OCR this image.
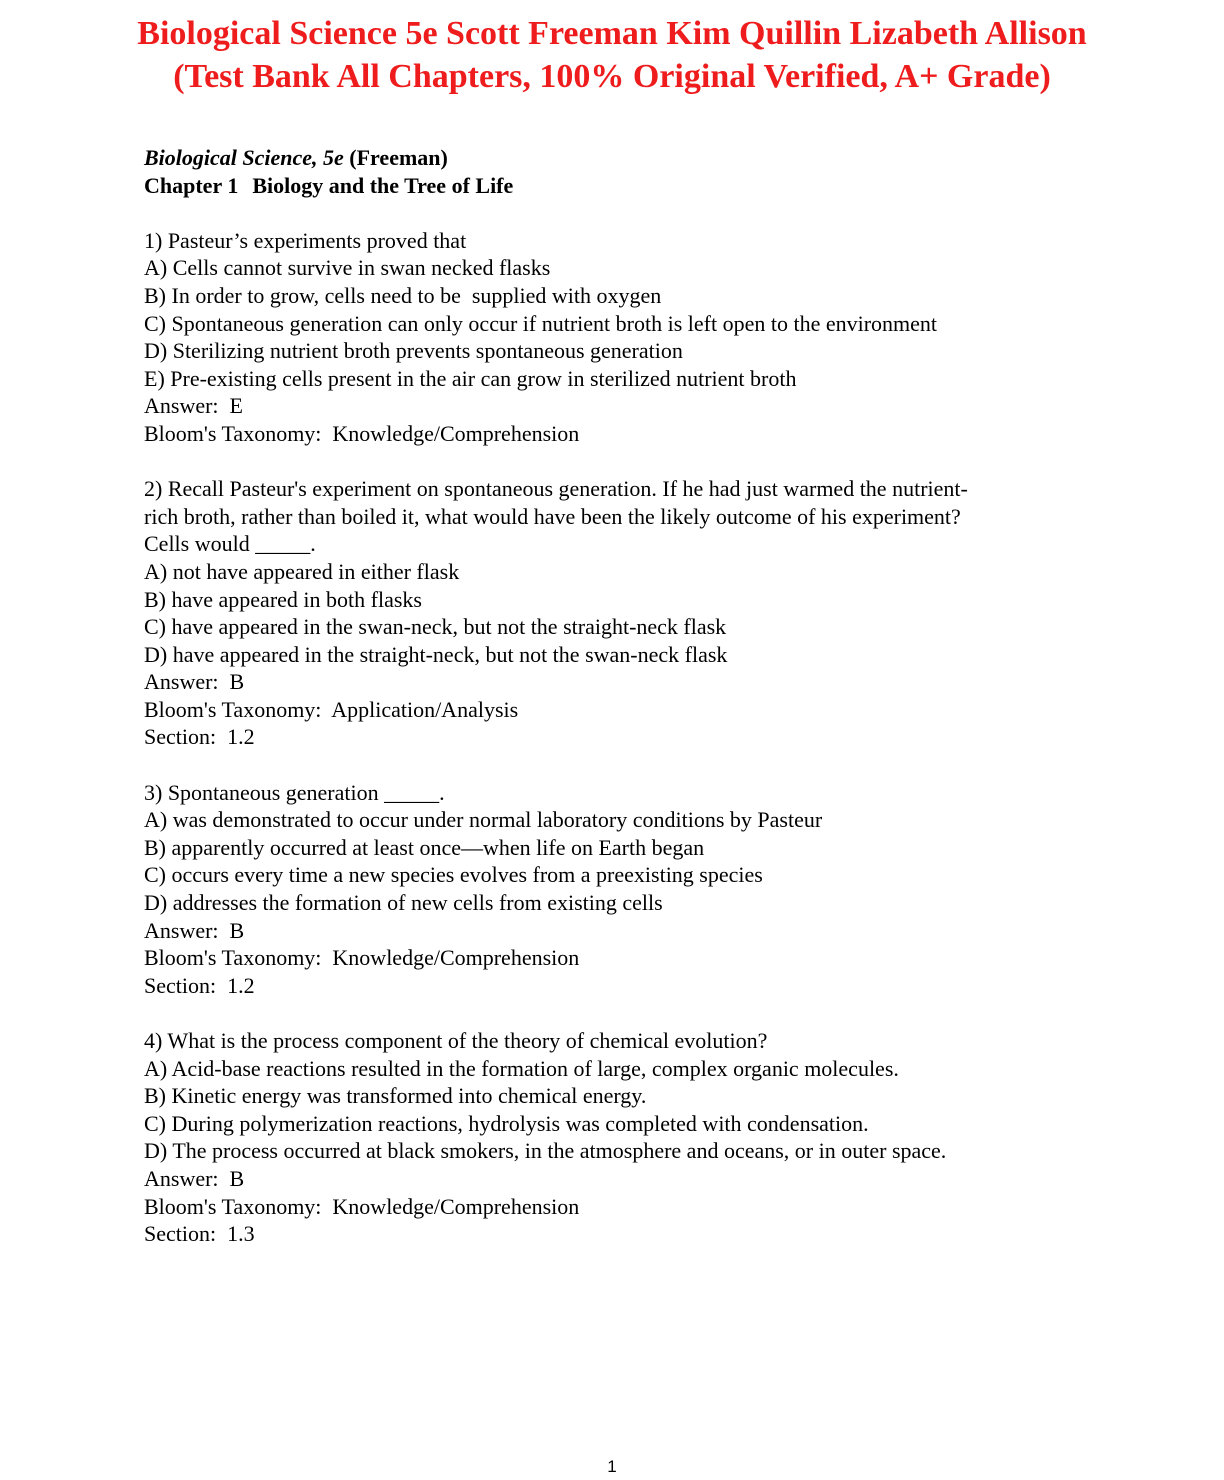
Biological Science 5e Scott Freeman Kim Quillin Lizabeth Allison
(Test Bank All Chapters, 100% Original Verified, A+ Grade)
Biological Science, 5e (Freeman)
Chapter 1 Biology and the Tree of Life
1) Pasteur’s experiments proved that
A) Cells cannot survive in swan necked flasks
B) In order to grow, cells need to be  supplied with oxygen
C) Spontaneous generation can only occur if nutrient broth is left open to the environment
D) Sterilizing nutrient broth prevents spontaneous generation
E) Pre-existing cells present in the air can grow in sterilized nutrient broth
Answer:  E
Bloom's Taxonomy:  Knowledge/Comprehension
2) Recall Pasteur's experiment on spontaneous generation. If he had just warmed the nutrient-
rich broth, rather than boiled it, what would have been the likely outcome of his experiment?
Cells would _____.
A) not have appeared in either flask
B) have appeared in both flasks
C) have appeared in the swan-neck, but not the straight-neck flask
D) have appeared in the straight-neck, but not the swan-neck flask
Answer:  B
Bloom's Taxonomy:  Application/Analysis
Section:  1.2
3) Spontaneous generation _____.
A) was demonstrated to occur under normal laboratory conditions by Pasteur
B) apparently occurred at least once—when life on Earth began
C) occurs every time a new species evolves from a preexisting species
D) addresses the formation of new cells from existing cells
Answer:  B
Bloom's Taxonomy:  Knowledge/Comprehension
Section:  1.2
4) What is the process component of the theory of chemical evolution?
A) Acid-base reactions resulted in the formation of large, complex organic molecules.
B) Kinetic energy was transformed into chemical energy.
C) During polymerization reactions, hydrolysis was completed with condensation.
D) The process occurred at black smokers, in the atmosphere and oceans, or in outer space.
Answer:  B
Bloom's Taxonomy:  Knowledge/Comprehension
Section:  1.3
1
